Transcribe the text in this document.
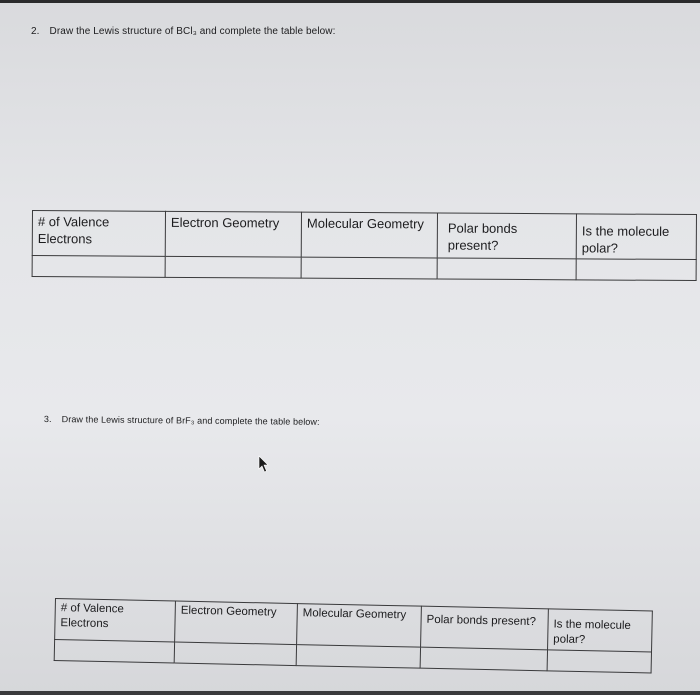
2. Draw the Lewis structure of BCl₃ and complete the table below:
# of Valence Electrons	Electron Geometry	Molecular Geometry	Polar bonds present?	Is the molecule polar?

3. Draw the Lewis structure of BrF₃ and complete the table below:
# of Valence Electrons	Electron Geometry	Molecular Geometry	Polar bonds present?	Is the molecule polar?
